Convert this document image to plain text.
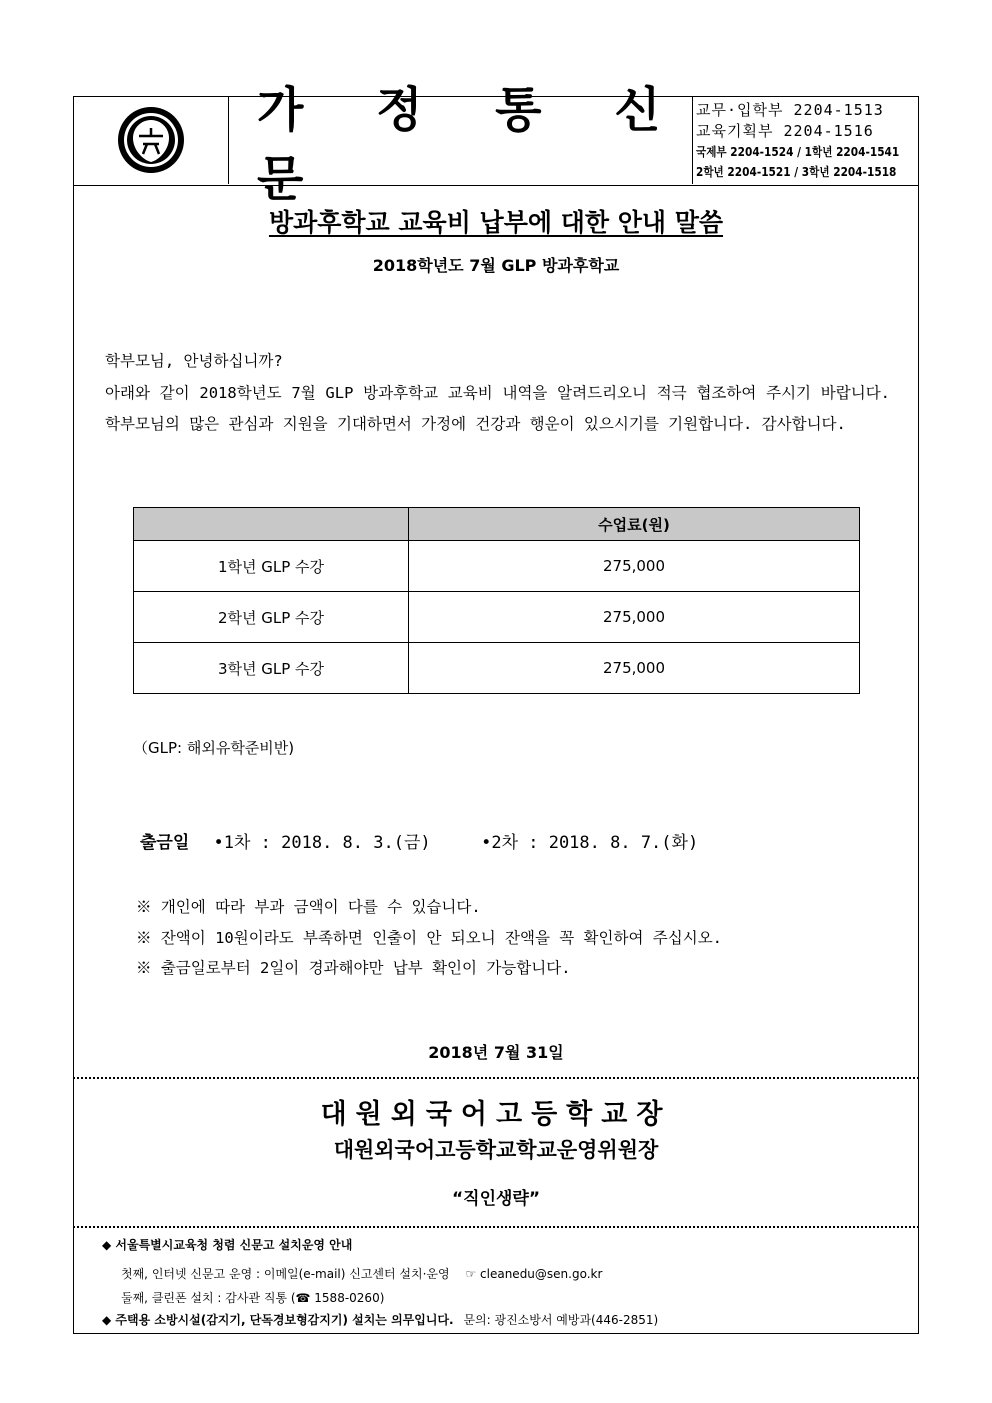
가 정 통 신 문
교무·입학부 2204-1513
교육기획부 2204-1516
국제부 2204-1524 / 1학년 2204-1541
2학년 2204-1521 / 3학년 2204-1518
방과후학교 교육비 납부에 대한 안내 말씀
2018학년도 7월 GLP 방과후학교

학부모님, 안녕하십니까?

아래와 같이 2018학년도 7월 GLP 방과후학교 교육비 내역을 알려드리오니 적극 협조하여 주시기 바랍니다. 학부모님의 많은 관심과 지원을 기대하면서 가정에 건강과 행운이 있으시기를 기원합니다. 감사합니다.

	수업료(원)
1학년 GLP 수강	275,000
2학년 GLP 수강	275,000
3학년 GLP 수강	275,000
（GLP: 해외유학준비반)
출금일 •1차 : 2018. 8. 3.(금)	•2차 : 2018. 8. 7.(화)
※ 개인에 따라 부과 금액이 다를 수 있습니다.
※ 잔액이 10원이라도 부족하면 인출이 안 되오니 잔액을 꼭 확인하여 주십시오.
※ 출금일로부터 2일이 경과해야만 납부 확인이 가능합니다.
2018년 7월 31일
대원외국어고등학교장
대원외국어고등학교학교운영위원장
“직인생략”
◆ 서울특별시교육청 청렴 신문고 설치운영 안내
첫째, 인터넷 신문고 운영 : 이메일(e-mail) 신고센터 설치·운영 ☞ cleanedu@sen.go.kr
둘째, 클린폰 설치 : 감사관 직통 (☎ 1588-0260)
◆ 주택용 소방시설(감지기, 단독경보형감지기) 설치는 의무입니다. 문의: 광진소방서 예방과(446-2851)
